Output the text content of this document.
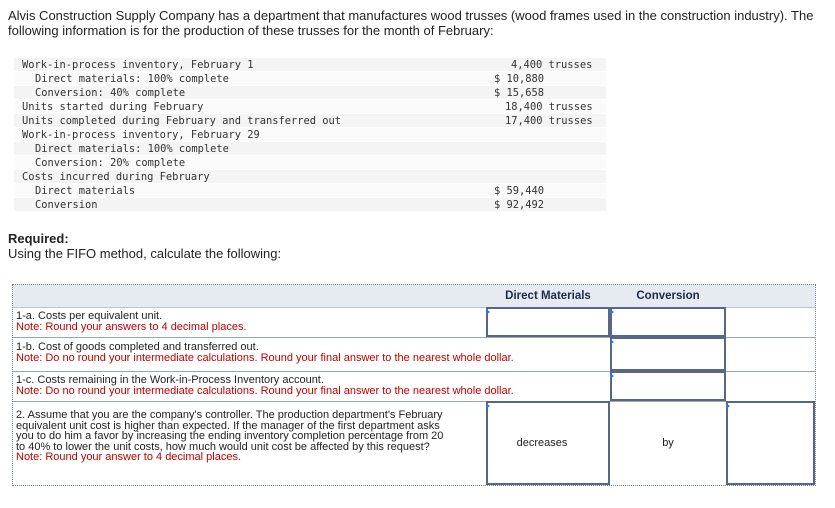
Alvis Construction Supply Company has a department that manufactures wood trusses (wood frames used in the construction industry). The following information is for the production of these trusses for the month of February:
Work-in-process inventory, February 1	4,400 trusses
Direct materials: 100% complete	$ 10,880
Conversion: 40% complete	$ 15,658
Units started during February	18,400 trusses
Units completed during February and transferred out	17,400 trusses
Work-in-process inventory, February 29
Direct materials: 100% complete
Conversion: 20% complete
Costs incurred during February
Direct materials	$ 59,440
Conversion	$ 92,492
Required:
Using the FIFO method, calculate the following:
Direct Materials	Conversion
1-a. Costs per equivalent unit.
Note: Round your answers to 4 decimal places.
1-b. Cost of goods completed and transferred out.
Note: Do no round your intermediate calculations. Round your final answer to the nearest whole dollar.
1-c. Costs remaining in the Work-in-Process Inventory account.
Note: Do no round your intermediate calculations. Round your final answer to the nearest whole dollar.
2. Assume that you are the company's controller. The production department's February
equivalent unit cost is higher than expected. If the manager of the first department asks
you to do him a favor by increasing the ending inventory completion percentage from 20
to 40% to lower the unit costs, how much would unit cost be affected by this request?
Note: Round your answer to 4 decimal places.
decreases	by
